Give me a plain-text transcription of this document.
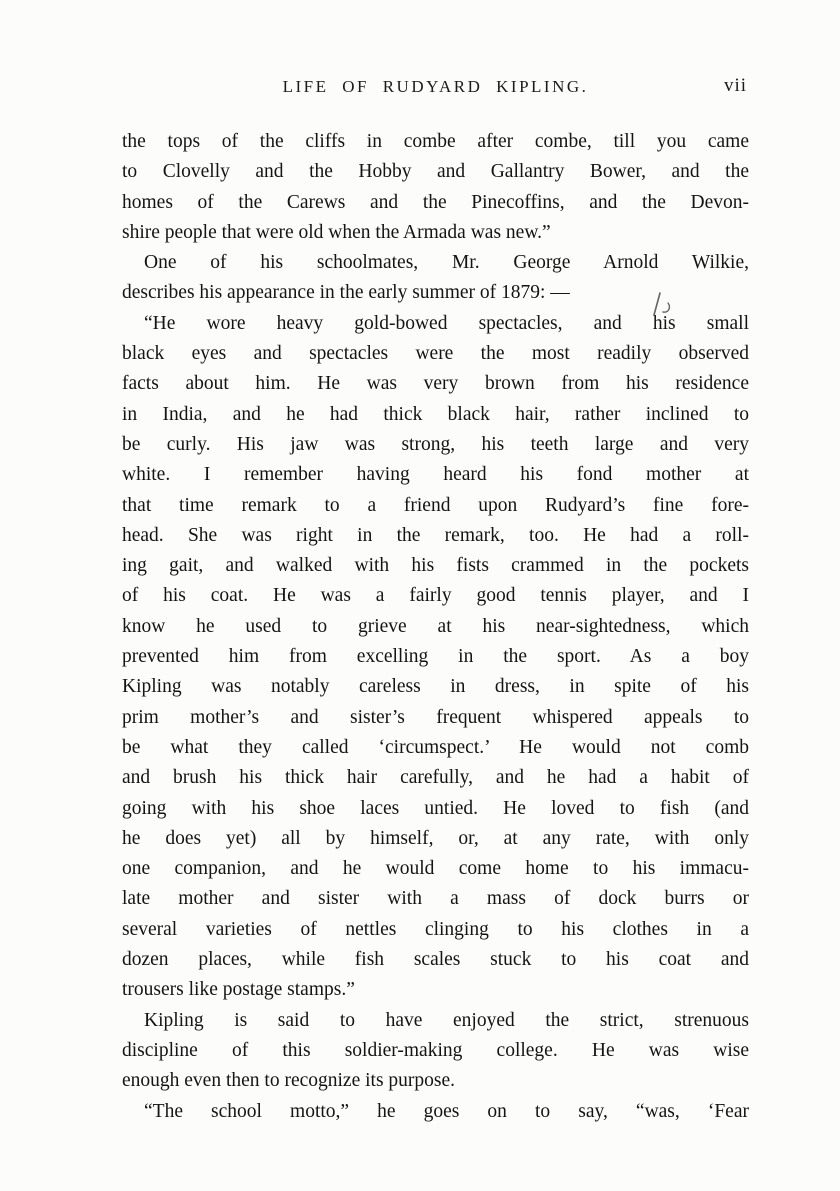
LIFE OF RUDYARD KIPLING.	vii
the tops of the cliffs in combe after combe, till you came
to Clovelly and the Hobby and Gallantry Bower, and the
homes of the Carews and the Pinecoffins, and the Devon-
shire people that were old when the Armada was new.”
One of his schoolmates, Mr. George Arnold Wilkie,
describes his appearance in the early summer of 1879: —
“He wore heavy gold-bowed spectacles, and his small
black eyes and spectacles were the most readily observed
facts about him. He was very brown from his residence
in India, and he had thick black hair, rather inclined to
be curly. His jaw was strong, his teeth large and very
white. I remember having heard his fond mother at
that time remark to a friend upon Rudyard’s fine fore-
head. She was right in the remark, too. He had a roll-
ing gait, and walked with his fists crammed in the pockets
of his coat. He was a fairly good tennis player, and I
know he used to grieve at his near-sightedness, which
prevented him from excelling in the sport. As a boy
Kipling was notably careless in dress, in spite of his
prim mother’s and sister’s frequent whispered appeals to
be what they called ‘circumspect.’ He would not comb
and brush his thick hair carefully, and he had a habit of
going with his shoe laces untied. He loved to fish (and
he does yet) all by himself, or, at any rate, with only
one companion, and he would come home to his immacu-
late mother and sister with a mass of dock burrs or
several varieties of nettles clinging to his clothes in a
dozen places, while fish scales stuck to his coat and
trousers like postage stamps.”
Kipling is said to have enjoyed the strict, strenuous
discipline of this soldier-making college. He was wise
enough even then to recognize its purpose.
“The school motto,” he goes on to say, “was, ‘Fear
